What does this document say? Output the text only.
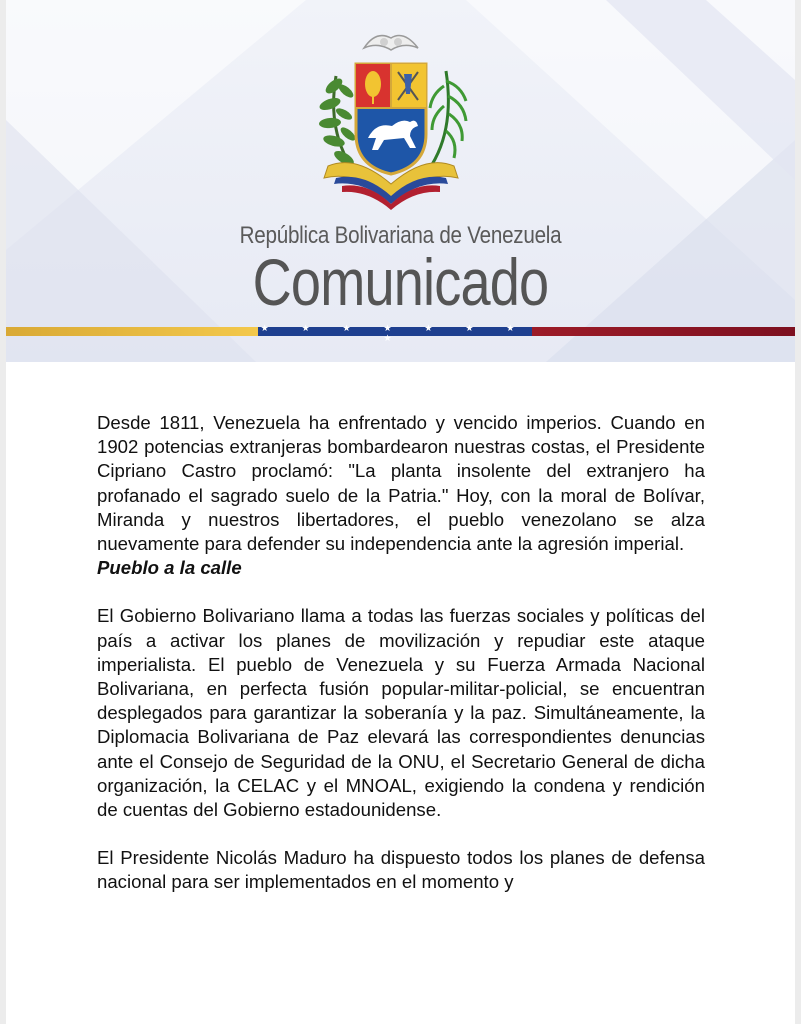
República Bolivariana de Venezuela
Comunicado
★ ★ ★ ★ ★ ★ ★ ★

Desde 1811, Venezuela ha enfrentado y vencido imperios. Cuando en 1902 potencias extranjeras bombardearon nuestras costas, el Presidente Cipriano Castro proclamó: "La planta insolente del extranjero ha profanado el sagrado suelo de la Patria." Hoy, con la moral de Bolívar, Miranda y nuestros libertadores, el pueblo venezolano se alza nuevamente para defender su independencia ante la agresión imperial.

Pueblo a la calle

El Gobierno Bolivariano llama a todas las fuerzas sociales y políticas del país a activar los planes de movilización y repudiar este ataque imperialista. El pueblo de Venezuela y su Fuerza Armada Nacional Bolivariana, en perfecta fusión popular-militar-policial, se encuentran desplegados para garantizar la soberanía y la paz. Simultáneamente, la Diplomacia Bolivariana de Paz elevará las correspondientes denuncias ante el Consejo de Seguridad de la ONU, el Secretario General de dicha organización, la CELAC y el MNOAL, exigiendo la condena y rendición de cuentas del Gobierno estadounidense.

El Presidente Nicolás Maduro ha dispuesto todos los planes de defensa nacional para ser implementados en el momento y
